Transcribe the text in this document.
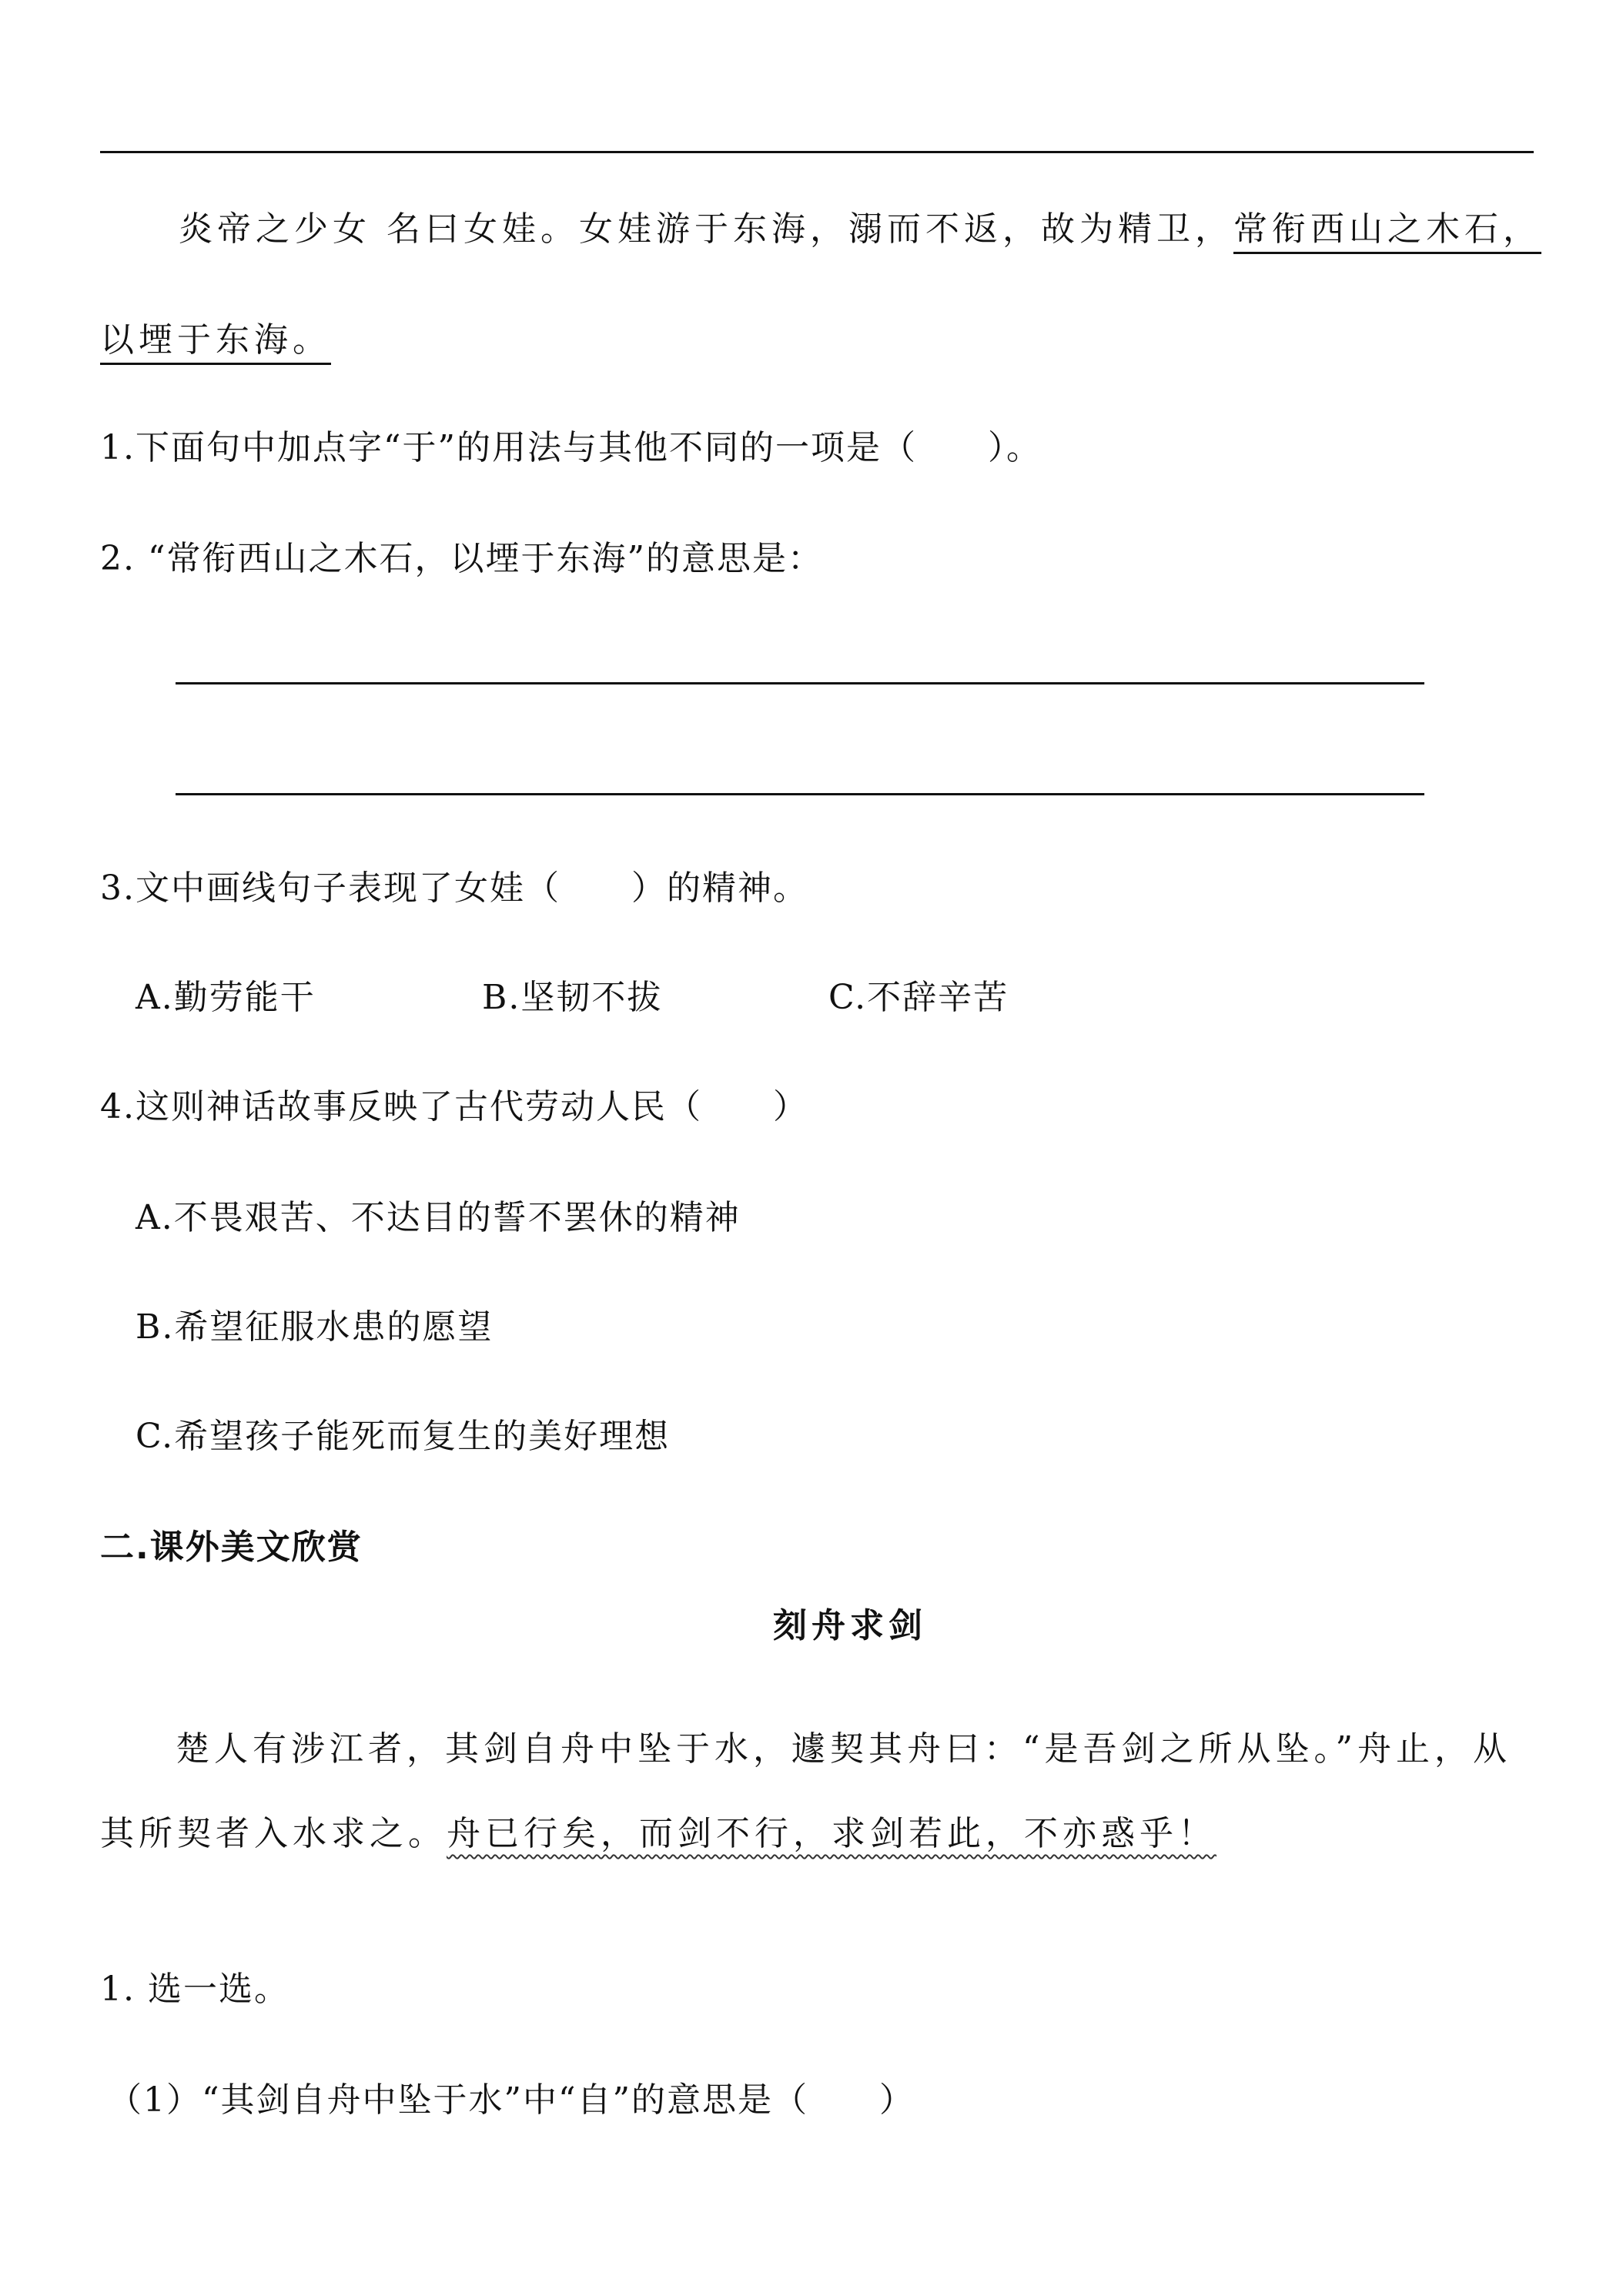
炎帝之少女 名曰女娃。女娃游于东海，溺而不返，故为精卫，常衔西山之木石，
以堙于东海。
1.下面句中加点字“于”的用法与其他不同的一项是（　　）。
2. “常衔西山之木石，以堙于东海”的意思是：
3.文中画线句子表现了女娃（　　）的精神。
A.勤劳能干	B.坚韧不拔	C.不辞辛苦
4.这则神话故事反映了古代劳动人民（　　）
A.不畏艰苦、不达目的誓不罢休的精神
B.希望征服水患的愿望
C.希望孩子能死而复生的美好理想
二.课外美文欣赏
刻舟求剑
楚人有涉江者，其剑自舟中坠于水，遽契其舟曰：“是吾剑之所从坠。”舟止，从
其所契者入水求之。舟已行矣，而剑不行，求剑若此，不亦惑乎！
1. 选一选。
（1）“其剑自舟中坠于水”中“自”的意思是（　　）
